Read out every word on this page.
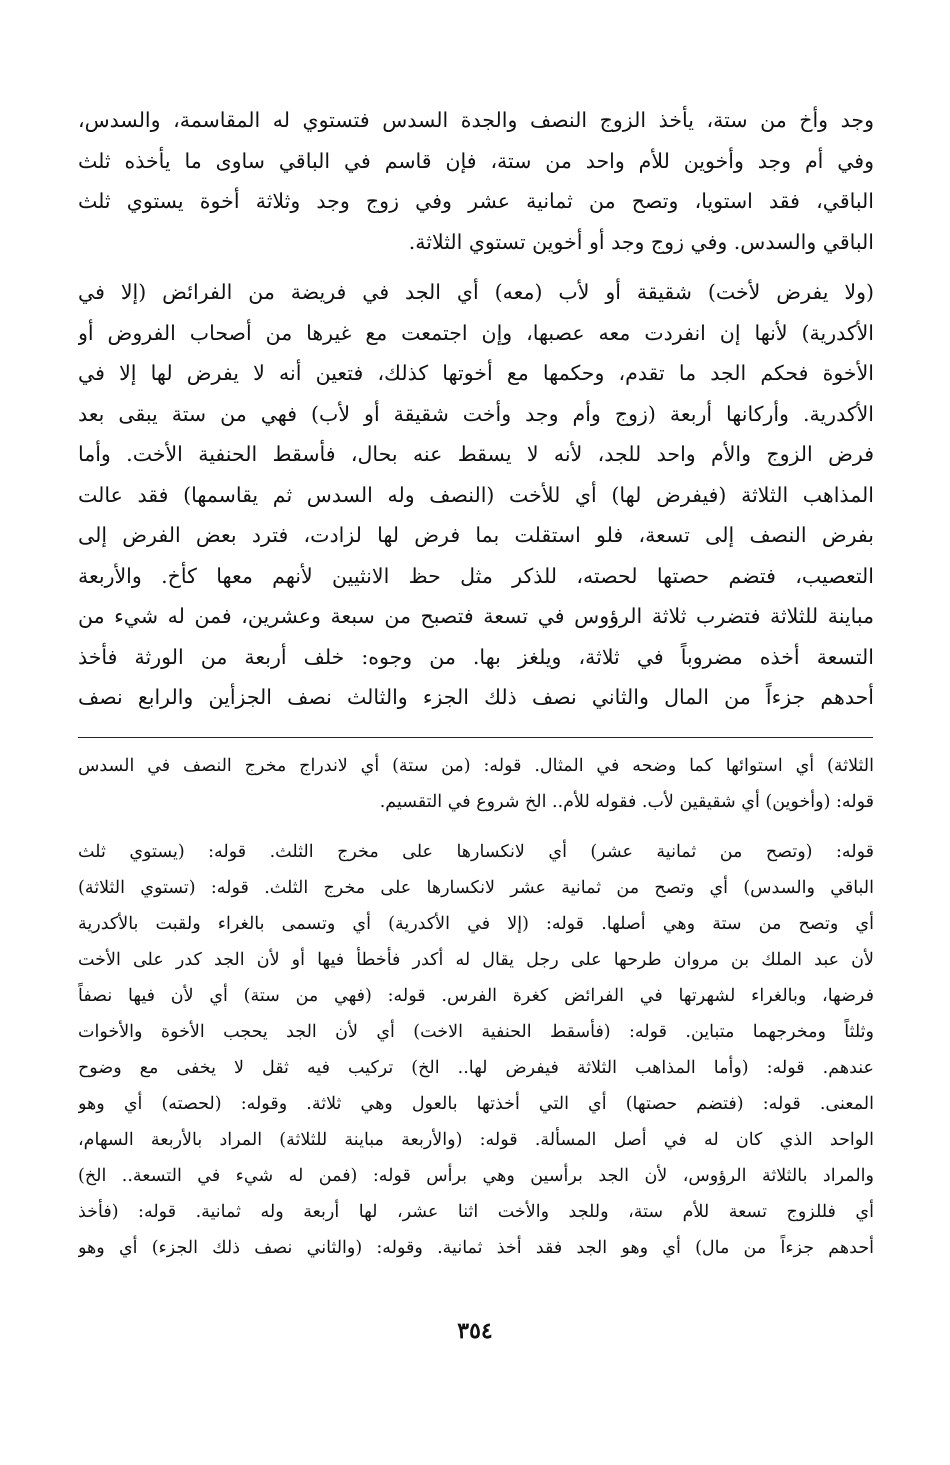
وجد وأخ من ستة، يأخذ الزوج النصف والجدة السدس فتستوي له المقاسمة، والسدس،
وفي أم وجد وأخوين للأم واحد من ستة، فإن قاسم في الباقي ساوى ما يأخذه ثلث
الباقي، فقد استويا، وتصح من ثمانية عشر وفي زوج وجد وثلاثة أخوة يستوي ثلث
الباقي والسدس. وفي زوج وجد أو أخوين تستوي الثلاثة.
(ولا يفرض لأخت) شقيقة أو لأب (معه) أي الجد في فريضة من الفرائض (إلا في
الأكدرية) لأنها إن انفردت معه عصبها، وإن اجتمعت مع غيرها من أصحاب الفروض أو
الأخوة فحكم الجد ما تقدم، وحكمها مع أخوتها كذلك، فتعين أنه لا يفرض لها إلا في
الأكدرية. وأركانها أربعة (زوج وأم وجد وأخت شقيقة أو لأب) فهي من ستة يبقى بعد
فرض الزوج والأم واحد للجد، لأنه لا يسقط عنه بحال، فأسقط الحنفية الأخت. وأما
المذاهب الثلاثة (فيفرض لها) أي للأخت (النصف وله السدس ثم يقاسمها) فقد عالت
بفرض النصف إلى تسعة، فلو استقلت بما فرض لها لزادت، فترد بعض الفرض إلى
التعصيب، فتضم حصتها لحصته، للذكر مثل حظ الانثيين لأنهم معها كأخ. والأربعة
مباينة للثلاثة فتضرب ثلاثة الرؤوس في تسعة فتصبح من سبعة وعشرين، فمن له شيء من
التسعة أخذه مضروباً في ثلاثة، ويلغز بها. من وجوه: خلف أربعة من الورثة فأخذ
أحدهم جزءاً من المال والثاني نصف ذلك الجزء والثالث نصف الجزأين والرابع نصف
الثلاثة) أي استوائها كما وضحه في المثال. قوله: (من ستة) أي لاندراج مخرج النصف في السدس
قوله: (وأخوين) أي شقيقين لأب. فقوله للأم.. الخ شروع في التقسيم.
قوله: (وتصح من ثمانية عشر) أي لانكسارها على مخرج الثلث. قوله: (يستوي ثلث
الباقي والسدس) أي وتصح من ثمانية عشر لانكسارها على مخرج الثلث. قوله: (تستوي الثلاثة)
أي وتصح من ستة وهي أصلها. قوله: (إلا في الأكدرية) أي وتسمى بالغراء ولقبت بالأكدرية
لأن عبد الملك بن مروان طرحها على رجل يقال له أكدر فأخطأ فيها أو لأن الجد كدر على الأخت
فرضها، وبالغراء لشهرتها في الفرائض كغرة الفرس. قوله: (فهي من ستة) أي لأن فيها نصفاً
وثلثاً ومخرجهما متباين. قوله: (فأسقط الحنفية الاخت) أي لأن الجد يحجب الأخوة والأخوات
عندهم. قوله: (وأما المذاهب الثلاثة فيفرض لها.. الخ) تركيب فيه ثقل لا يخفى مع وضوح
المعنى. قوله: (فتضم حصتها) أي التي أخذتها بالعول وهي ثلاثة. وقوله: (لحصته) أي وهو
الواحد الذي كان له في أصل المسألة. قوله: (والأربعة مباينة للثلاثة) المراد بالأربعة السهام،
والمراد بالثلاثة الرؤوس، لأن الجد برأسين وهي برأس قوله: (فمن له شيء في التسعة.. الخ)
أي فللزوج تسعة للأم ستة، وللجد والأخت اثنا عشر، لها أربعة وله ثمانية. قوله: (فأخذ
أحدهم جزءاً من مال) أي وهو الجد فقد أخذ ثمانية. وقوله: (والثاني نصف ذلك الجزء) أي وهو
٣٥٤
